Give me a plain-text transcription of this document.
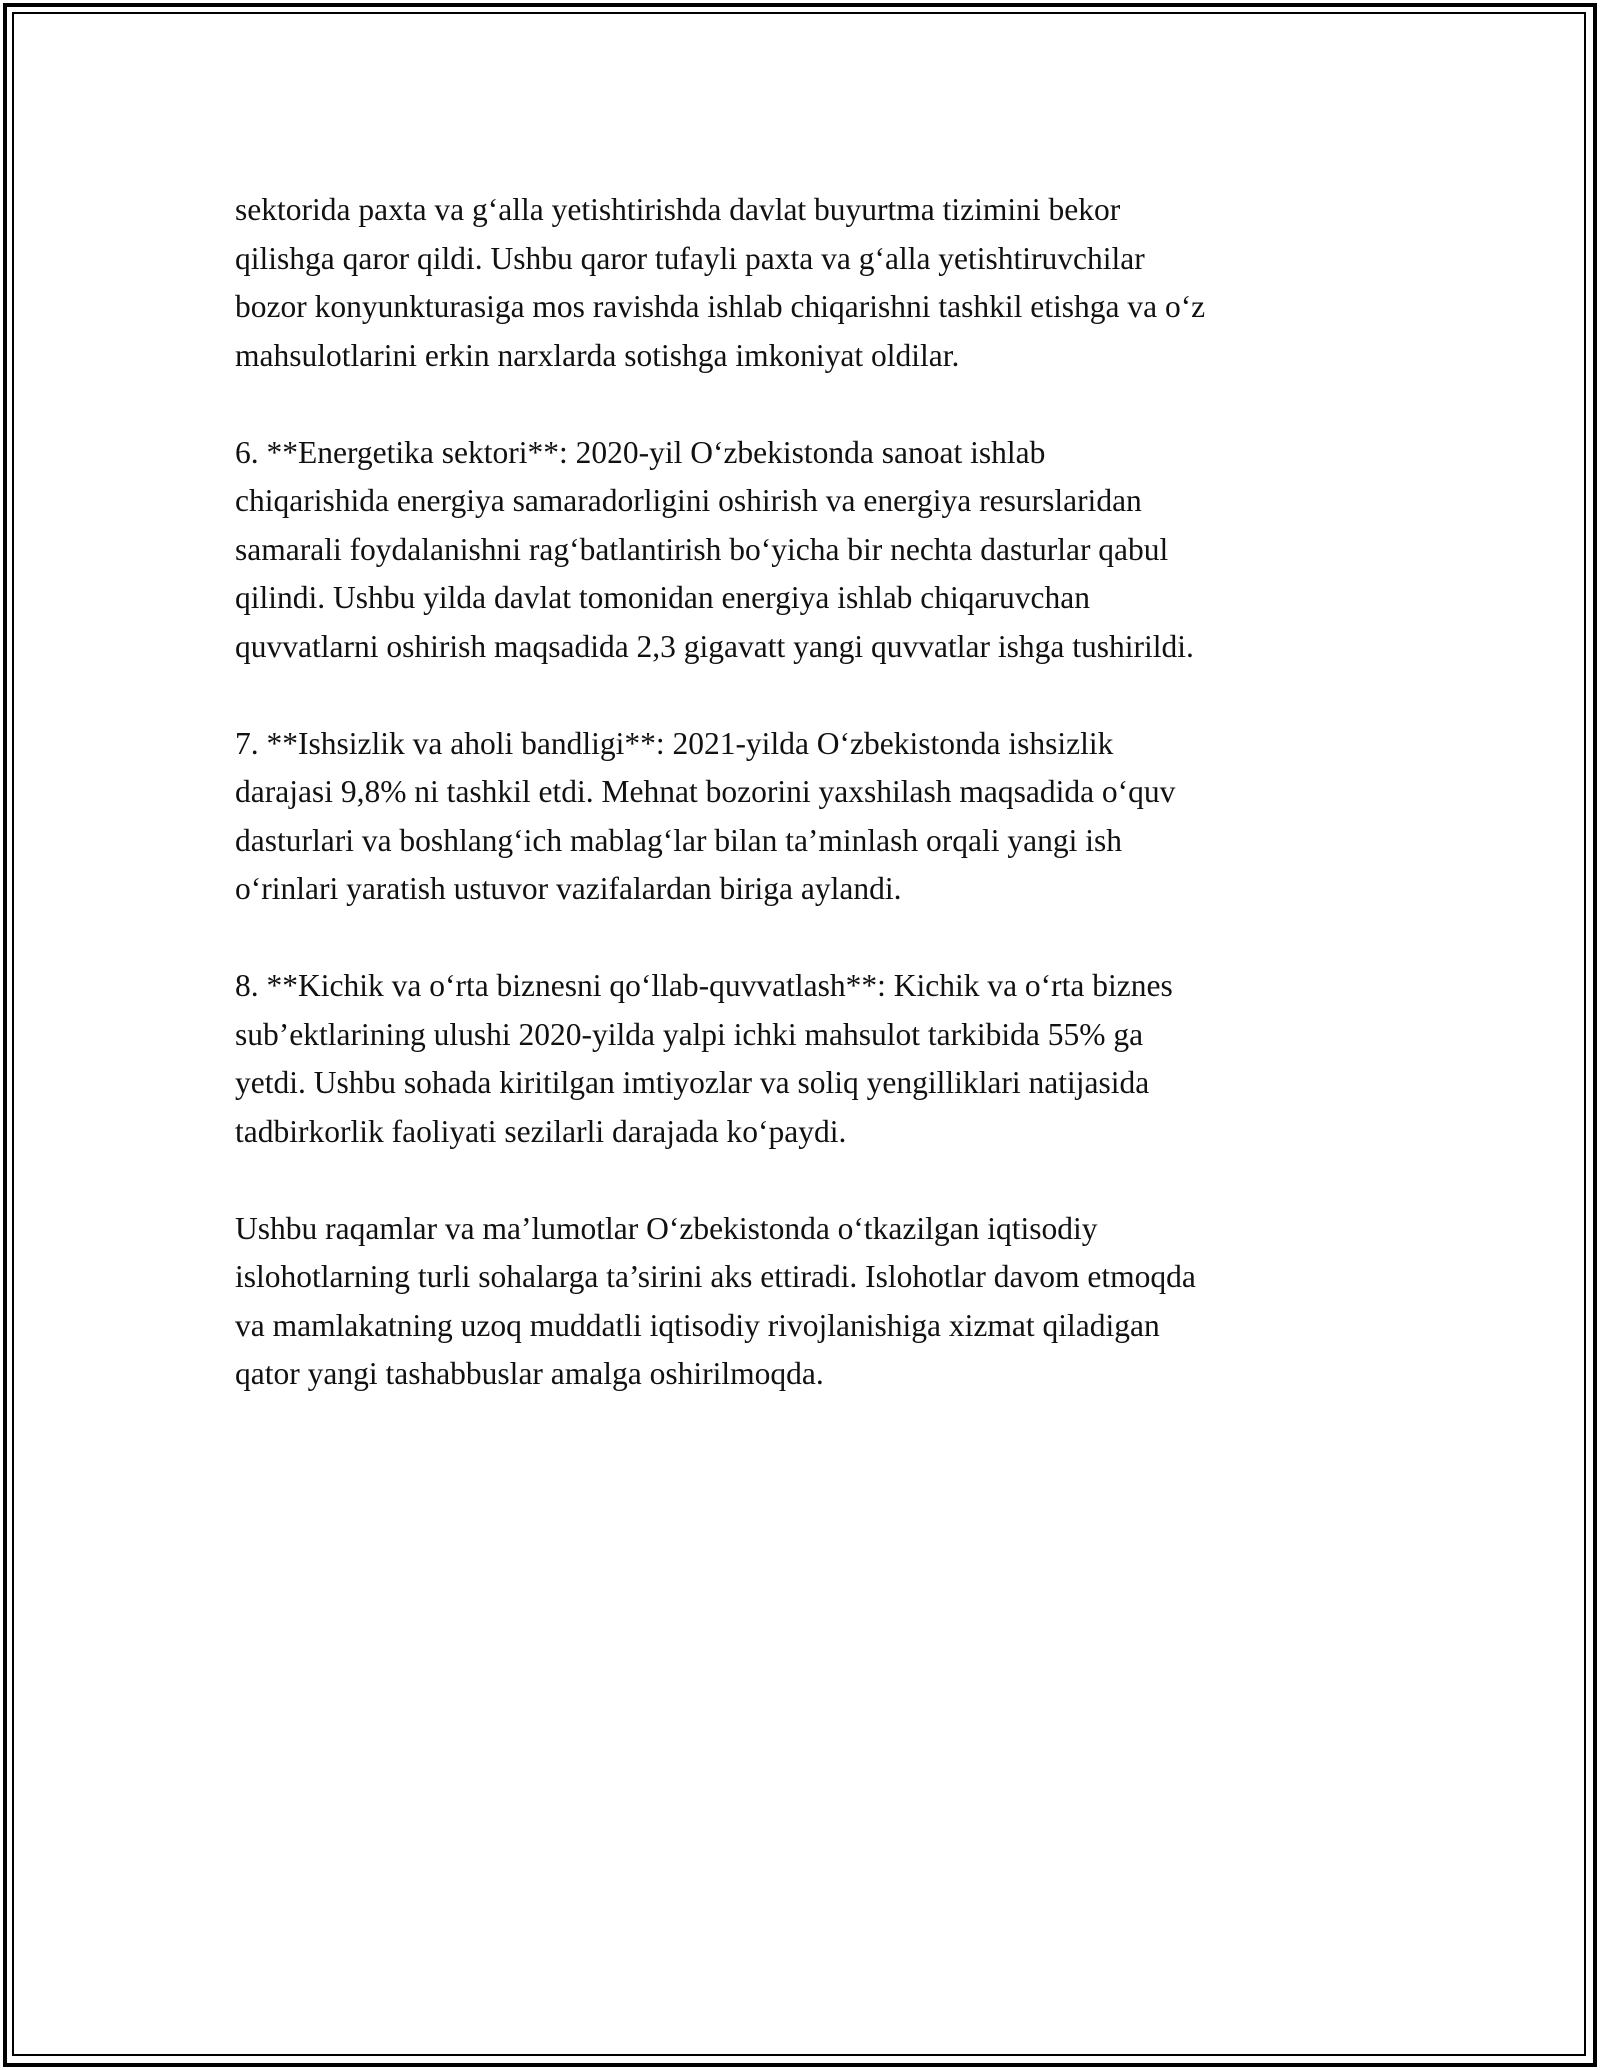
sektorida paxta va g‘alla yetishtirishda davlat buyurtma tizimini bekor
qilishga qaror qildi. Ushbu qaror tufayli paxta va g‘alla yetishtiruvchilar
bozor konyunkturasiga mos ravishda ishlab chiqarishni tashkil etishga va o‘z
mahsulotlarini erkin narxlarda sotishga imkoniyat oldilar.

6. **Energetika sektori**: 2020-yil O‘zbekistonda sanoat ishlab
chiqarishida energiya samaradorligini oshirish va energiya resurslaridan
samarali foydalanishni rag‘batlantirish bo‘yicha bir nechta dasturlar qabul
qilindi. Ushbu yilda davlat tomonidan energiya ishlab chiqaruvchan
quvvatlarni oshirish maqsadida 2,3 gigavatt yangi quvvatlar ishga tushirildi.

7. **Ishsizlik va aholi bandligi**: 2021-yilda O‘zbekistonda ishsizlik
darajasi 9,8% ni tashkil etdi. Mehnat bozorini yaxshilash maqsadida o‘quv
dasturlari va boshlang‘ich mablag‘lar bilan ta’minlash orqali yangi ish
o‘rinlari yaratish ustuvor vazifalardan biriga aylandi.

8. **Kichik va o‘rta biznesni qo‘llab-quvvatlash**: Kichik va o‘rta biznes
sub’ektlarining ulushi 2020-yilda yalpi ichki mahsulot tarkibida 55% ga
yetdi. Ushbu sohada kiritilgan imtiyozlar va soliq yengilliklari natijasida
tadbirkorlik faoliyati sezilarli darajada ko‘paydi.

Ushbu raqamlar va ma’lumotlar O‘zbekistonda o‘tkazilgan iqtisodiy
islohotlarning turli sohalarga ta’sirini aks ettiradi. Islohotlar davom etmoqda
va mamlakatning uzoq muddatli iqtisodiy rivojlanishiga xizmat qiladigan
qator yangi tashabbuslar amalga oshirilmoqda.
